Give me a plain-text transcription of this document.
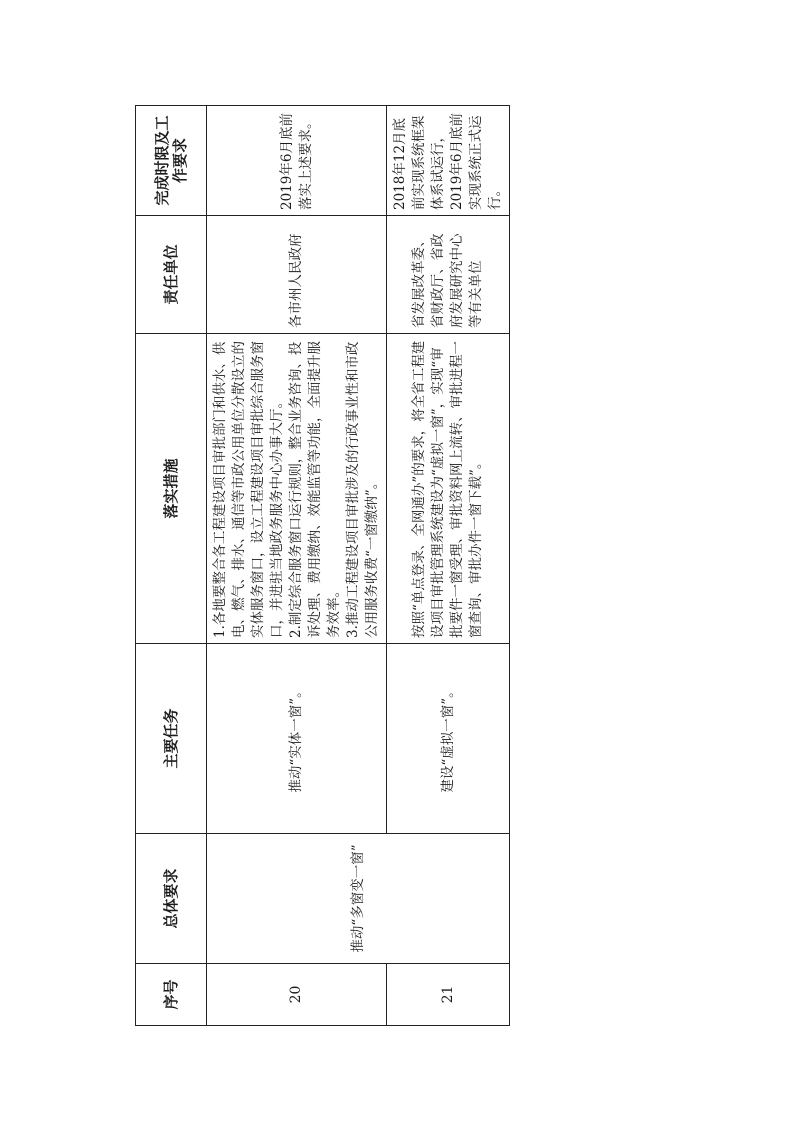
序号	总体要求	主要任务	落实措施	责任单位	完成时限及工作要求
20	推动“多窗变一窗”	推动“实体一窗”。	1.各地要整合各工程建设项目审批部门和供水、供电、燃气、排水、通信等市政公用单位分散设立的实体服务窗口，设立工程建设项目审批综合服务窗口，并进驻当地政务服务中心办事大厅。 2.制定综合服务窗口运行规则，整合业务咨询、投诉处理、费用缴纳、效能监管等功能，全面提升服务效率。 3.推动工程建设项目审批涉及的行政事业性和市政公用服务收费“一窗缴纳”。	各市州人民政府	2019年6月底前落实上述要求。
21		建设“虚拟一窗”。	按照“单点登录、全网通办”的要求，将全省工程建设项目审批管理系统建设为“虚拟一窗”，实现“审批要件一窗受理、审批资料网上流转、审批进程一窗查询、审批办件一窗下载”。	省发展改革委、省财政厅、省政府发展研究中心等有关单位	2018年12月底前实现系统框架体系试运行，2019年6月底前实现系统正式运行。
